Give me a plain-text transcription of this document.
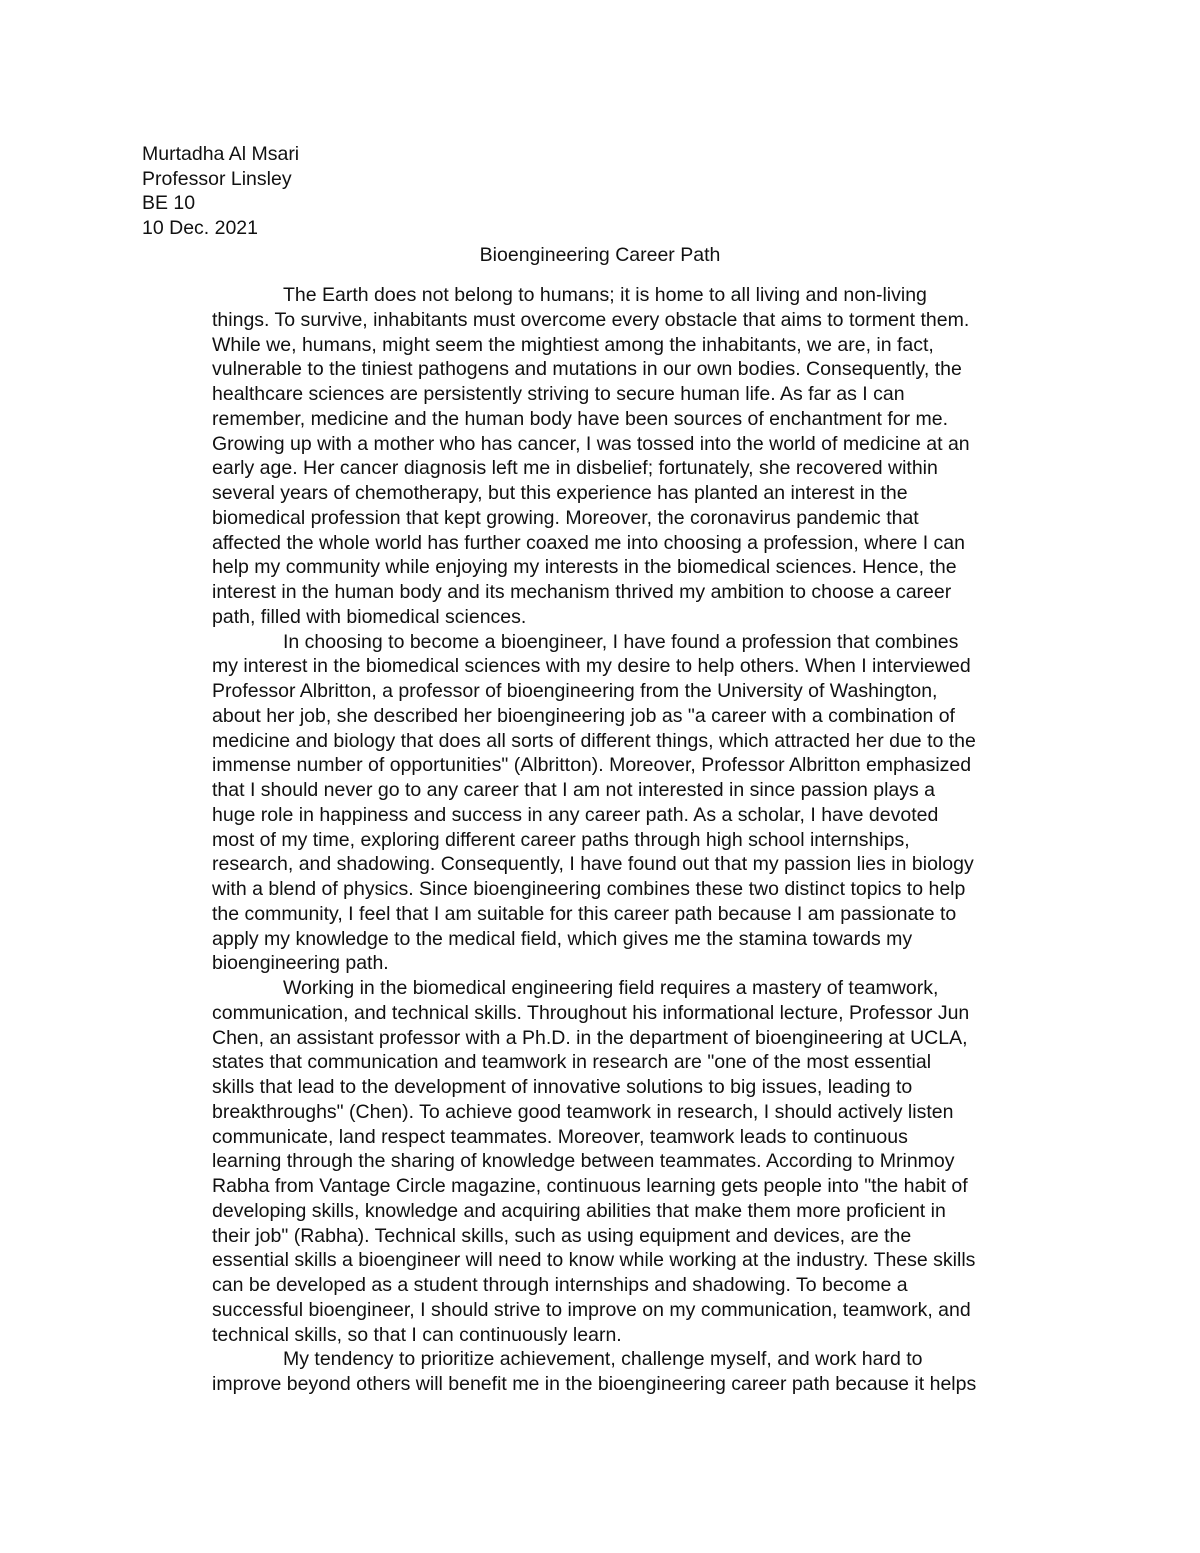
Murtadha Al Msari
Professor Linsley
BE 10
10 Dec. 2021
Bioengineering Career Path
The Earth does not belong to humans; it is home to all living and non-living
things. To survive, inhabitants must overcome every obstacle that aims to torment them.
While we, humans, might seem the mightiest among the inhabitants, we are, in fact,
vulnerable to the tiniest pathogens and mutations in our own bodies. Consequently, the
healthcare sciences are persistently striving to secure human life. As far as I can
remember, medicine and the human body have been sources of enchantment for me.
Growing up with a mother who has cancer, I was tossed into the world of medicine at an
early age. Her cancer diagnosis left me in disbelief; fortunately, she recovered within
several years of chemotherapy, but this experience has planted an interest in the
biomedical profession that kept growing. Moreover, the coronavirus pandemic that
affected the whole world has further coaxed me into choosing a profession, where I can
help my community while enjoying my interests in the biomedical sciences. Hence, the
interest in the human body and its mechanism thrived my ambition to choose a career
path, filled with biomedical sciences.
In choosing to become a bioengineer, I have found a profession that combines
my interest in the biomedical sciences with my desire to help others. When I interviewed
Professor Albritton, a professor of bioengineering from the University of Washington,
about her job, she described her bioengineering job as "a career with a combination of
medicine and biology that does all sorts of different things, which attracted her due to the
immense number of opportunities" (Albritton). Moreover, Professor Albritton emphasized
that I should never go to any career that I am not interested in since passion plays a
huge role in happiness and success in any career path. As a scholar, I have devoted
most of my time, exploring different career paths through high school internships,
research, and shadowing. Consequently, I have found out that my passion lies in biology
with a blend of physics. Since bioengineering combines these two distinct topics to help
the community, I feel that I am suitable for this career path because I am passionate to
apply my knowledge to the medical field, which gives me the stamina towards my
bioengineering path.
Working in the biomedical engineering field requires a mastery of teamwork,
communication, and technical skills. Throughout his informational lecture, Professor Jun
Chen, an assistant professor with a Ph.D. in the department of bioengineering at UCLA,
states that communication and teamwork in research are "one of the most essential
skills that lead to the development of innovative solutions to big issues, leading to
breakthroughs" (Chen). To achieve good teamwork in research, I should actively listen
communicate, land respect teammates. Moreover, teamwork leads to continuous
learning through the sharing of knowledge between teammates. According to Mrinmoy
Rabha from Vantage Circle magazine, continuous learning gets people into "the habit of
developing skills, knowledge and acquiring abilities that make them more proficient in
their job" (Rabha). Technical skills, such as using equipment and devices, are the
essential skills a bioengineer will need to know while working at the industry. These skills
can be developed as a student through internships and shadowing. To become a
successful bioengineer, I should strive to improve on my communication, teamwork, and
technical skills, so that I can continuously learn.
My tendency to prioritize achievement, challenge myself, and work hard to
improve beyond others will benefit me in the bioengineering career path because it helps
